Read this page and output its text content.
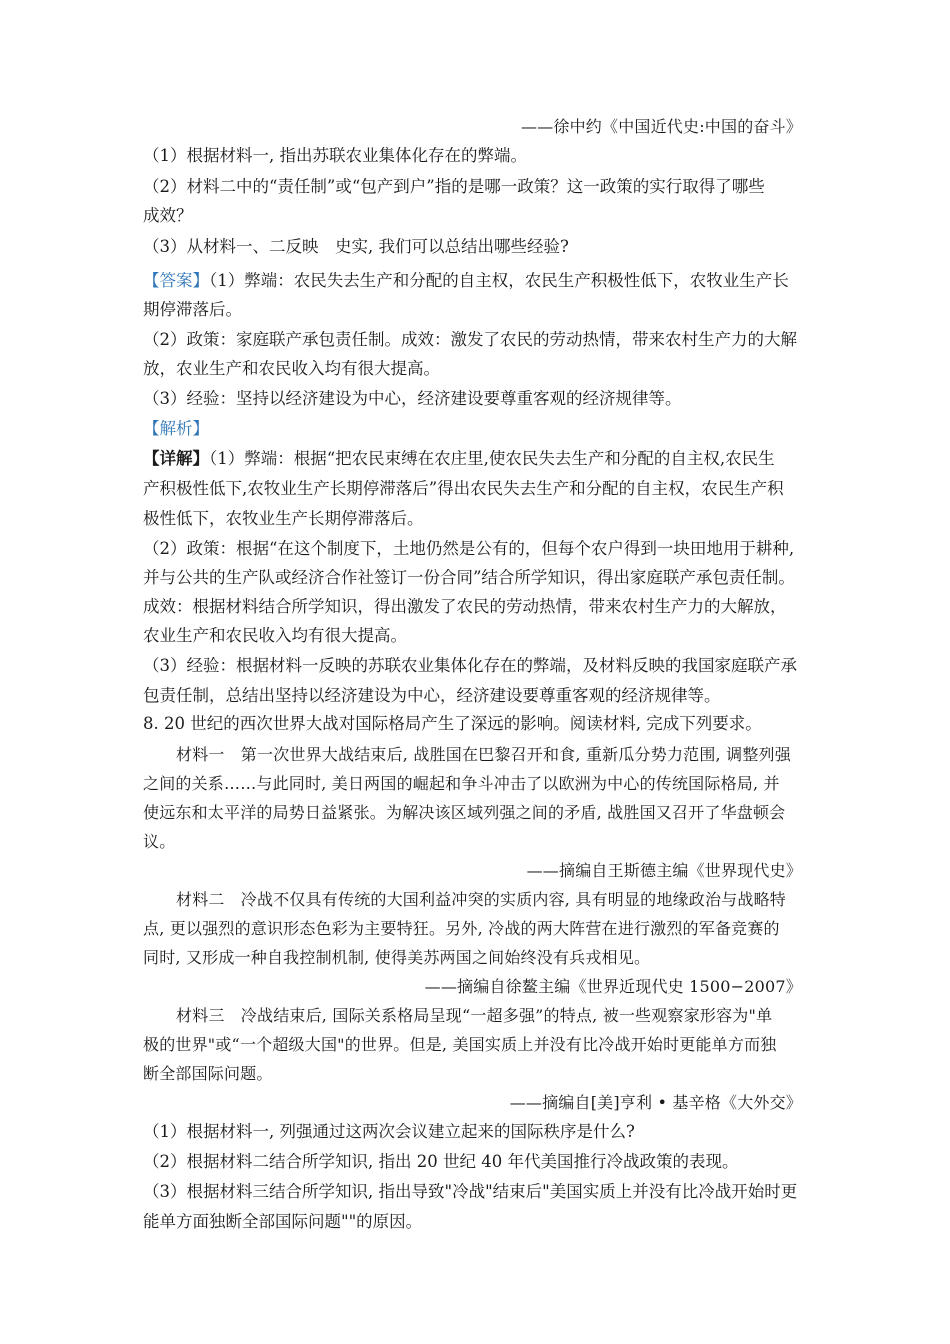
——徐中约《中国近代史:中国的奋斗》
（1）根据材料一, 指出苏联农业集体化存在的弊端。
（2）材料二中的“责任制”或“包产到户”指的是哪一政策？这一政策的实行取得了哪些
成效？
（3）从材料一、二反映　史实, 我们可以总结出哪些经验?
【答案】（1）弊端：农民失去生产和分配的自主权，农民生产积极性低下，农牧业生产长
期停滞落后。
（2）政策：家庭联产承包责任制。成效：激发了农民的劳动热情，带来农村生产力的大解
放，农业生产和农民收入均有很大提高。
（3）经验：坚持以经济建设为中心，经济建设要尊重客观的经济规律等。
【解析】
【详解】（1）弊端：根据“把农民束缚在农庄里,使农民失去生产和分配的自主权,农民生
产积极性低下,农牧业生产长期停滞落后”得出农民失去生产和分配的自主权，农民生产积
极性低下，农牧业生产长期停滞落后。
（2）政策：根据“在这个制度下，土地仍然是公有的，但每个农户得到一块田地用于耕种,
并与公共的生产队或经济合作社签订一份合同”结合所学知识，得出家庭联产承包责任制。
成效：根据材料结合所学知识，得出激发了农民的劳动热情，带来农村生产力的大解放，
农业生产和农民收入均有很大提高。
（3）经验：根据材料一反映的苏联农业集体化存在的弊端，及材料反映的我国家庭联产承
包责任制，总结出坚持以经济建设为中心，经济建设要尊重客观的经济规律等。
8. 20 世纪的西次世界大战对国际格局产生了深远的影响。阅读材料, 完成下列要求。
材料一　第一次世界大战结束后, 战胜国在巴黎召开和食, 重新瓜分势力范围, 调整列强
之间的关系……与此同时, 美日两国的崛起和争斗冲击了以欧洲为中心的传统国际格局, 并
使远东和太平洋的局势日益紧张。为解决该区域列强之间的矛盾, 战胜国又召开了华盘顿会
议。
——摘编自王斯德主编《世界现代史》
材料二　冷战不仅具有传统的大国利益冲突的实质内容, 具有明显的地缘政治与战略特
点, 更以强烈的意识形态色彩为主要特狂。另外, 冷战的两大阵营在进行激烈的军备竞赛的
同时, 又形成一种自我控制机制, 使得美苏两国之间始终没有兵戎相见。
——摘编自徐鳌主编《世界近现代史 1500−2007》
材料三　冷战结束后, 国际关系格局呈现“一超多强”的特点, 被一些观察家形容为"单
极的世界"或“一个超级大国"的世界。但是, 美国实质上并没有比冷战开始时更能单方而独
断全部国际问题。
——摘编自[美]亨利 • 基辛格《大外交》
（1）根据材料一, 列强通过这两次会议建立起来的国际秩序是什么?
（2）根据材料二结合所学知识, 指出 20 世纪 40 年代美国推行冷战政策的表现。
（3）根据材料三结合所学知识, 指出导致"冷战"结束后"美国实质上并没有比冷战开始时更
能单方面独断全部国际问题""的原因。
